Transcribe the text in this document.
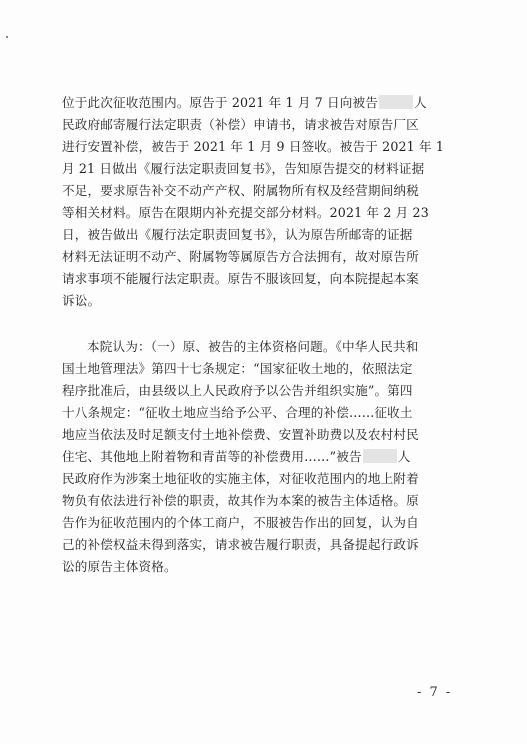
位于此次征收范围内。原告于 2021 年 1 月 7 日向被告	人
民政府邮寄履行法定职责（补偿）申请书，请求被告对原告厂区
进行安置补偿，被告于 2021 年 1 月 9 日签收。被告于 2021 年 1
月 21 日做出《履行法定职责回复书》，告知原告提交的材料证据
不足，要求原告补交不动产产权、附属物所有权及经营期间纳税
等相关材料。原告在限期内补充提交部分材料。2021 年 2 月 23
日，被告做出《履行法定职责回复书》，认为原告所邮寄的证据
材料无法证明不动产、附属物等属原告方合法拥有，故对原告所
请求事项不能履行法定职责。原告不服该回复，向本院提起本案
诉讼。
本院认为：（一）原、被告的主体资格问题。《中华人民共和
国土地管理法》第四十七条规定：“国家征收土地的，依照法定
程序批准后，由县级以上人民政府予以公告并组织实施”。第四
十八条规定：“征收土地应当给予公平、合理的补偿……征收土
地应当依法及时足额支付土地补偿费、安置补助费以及农村村民
住宅、其他地上附着物和青苗等的补偿费用……”被告	人
民政府作为涉案土地征收的实施主体，对征收范围内的地上附着
物负有依法进行补偿的职责，故其作为本案的被告主体适格。原
告作为征收范围内的个体工商户，不服被告作出的回复，认为自
己的补偿权益未得到落实，请求被告履行职责，具备提起行政诉
讼的原告主体资格。
- 7 -
